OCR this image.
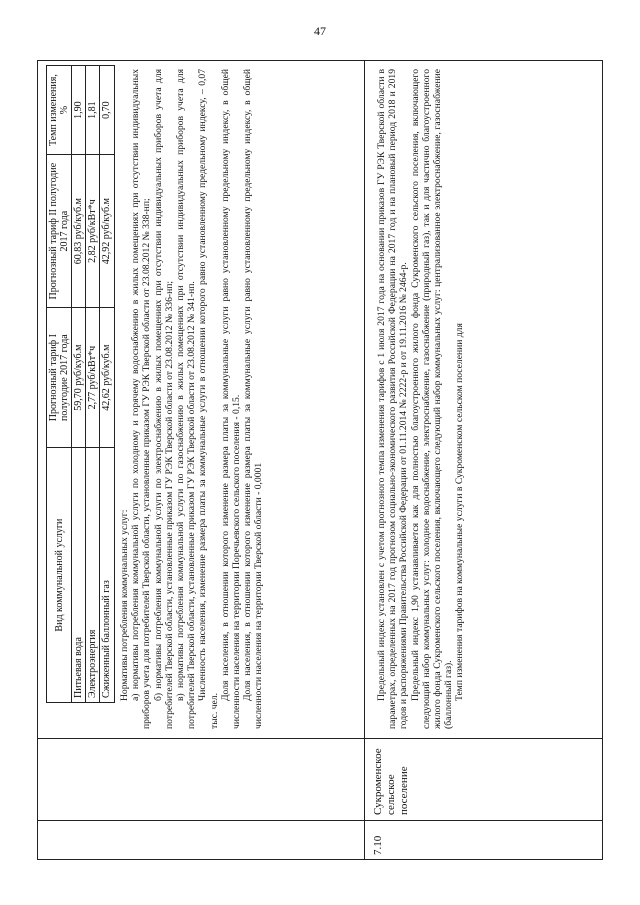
47
7.10
Сукроменское сельское поселение
Вид коммунальной услуги	Прогнозный тариф I полугодие 2017 года	Прогнозный тариф II полугодие 2017 года	Темп изменения, %
Питьевая вода	59,70 руб/куб.м	60,83 руб/куб.м	1,90
Электроэнергия	2,77 руб/кВт*ч	2,82 руб/кВт*ч	1,81
Сжиженный баллонный газ	42,62 руб/куб.м	42,92 руб/куб.м	0,70
Нормативы потребления коммунальных услуг: а) нормативы потребления коммунальной услуги по холодному и горячему водоснабжению в жилых помещениях при отсутствии индивидуальных приборов учета для потребителей Тверской области, установленные приказом ГУ РЭК Тверской области от 23.08.2012 № 338-нп; б) нормативы потребления коммунальной услуги по электроснабжению в жилых помещениях при отсутствии индивидуальных приборов учета для потребителей Тверской области, установленные приказом ГУ РЭК Тверской области от 23.08.2012 № 336-нп; в) нормативы потребления коммунальной услуги по газоснабжению в жилых помещениях при отсутствии индивидуальных приборов учета для потребителей Тверской области, установленные приказом ГУ РЭК Тверской области от 23.08.2012 № 341-нп. Численность населения, изменение размера платы за коммунальные услуги в отношении которого равно установленному предельному индексу, – 0,07 тыс. чел.
Доля населения, в отношении которого изменение размера платы за коммунальные услуги равно установленному предельному индексу, в общей численности населения на территории Поречьевского сельского поселения - 0,15. Доля населения, в отношении которого изменение размера платы за коммунальные услуги равно установленному предельному индексу, в общей численности населения на территории Тверской области - 0,0001	Предельный индекс установлен с учетом прогнозного темпа изменения тарифов с 1 июля 2017 года на основании приказов ГУ РЭК Тверской области в параметрах, определенных на 2017 год прогнозом социально-экономического развития Российской Федерации на 2017 год и на плановый период 2018 и 2019 годов и распоряжениями Правительства Российской Федерации от 01.11.2014 № 2222-р и от 19.11.2016 № 2464-р. Предельный индекс 1,90 устанавливается как для полностью благоустроенного жилого фонда Сукроменского сельского поселения, включающего следующий набор коммунальных услуг: холодное водоснабжение, электроснабжение, газоснабжение (природный газ), так и для частично благоустроенного жилого фонда Сукроменского сельского поселения, включающего следующий набор коммунальных услуг: централизованное электроснабжение, газоснабжение (баллонный газ). Темп изменения тарифов на коммунальные услуги в Сукроменском сельском поселении для
